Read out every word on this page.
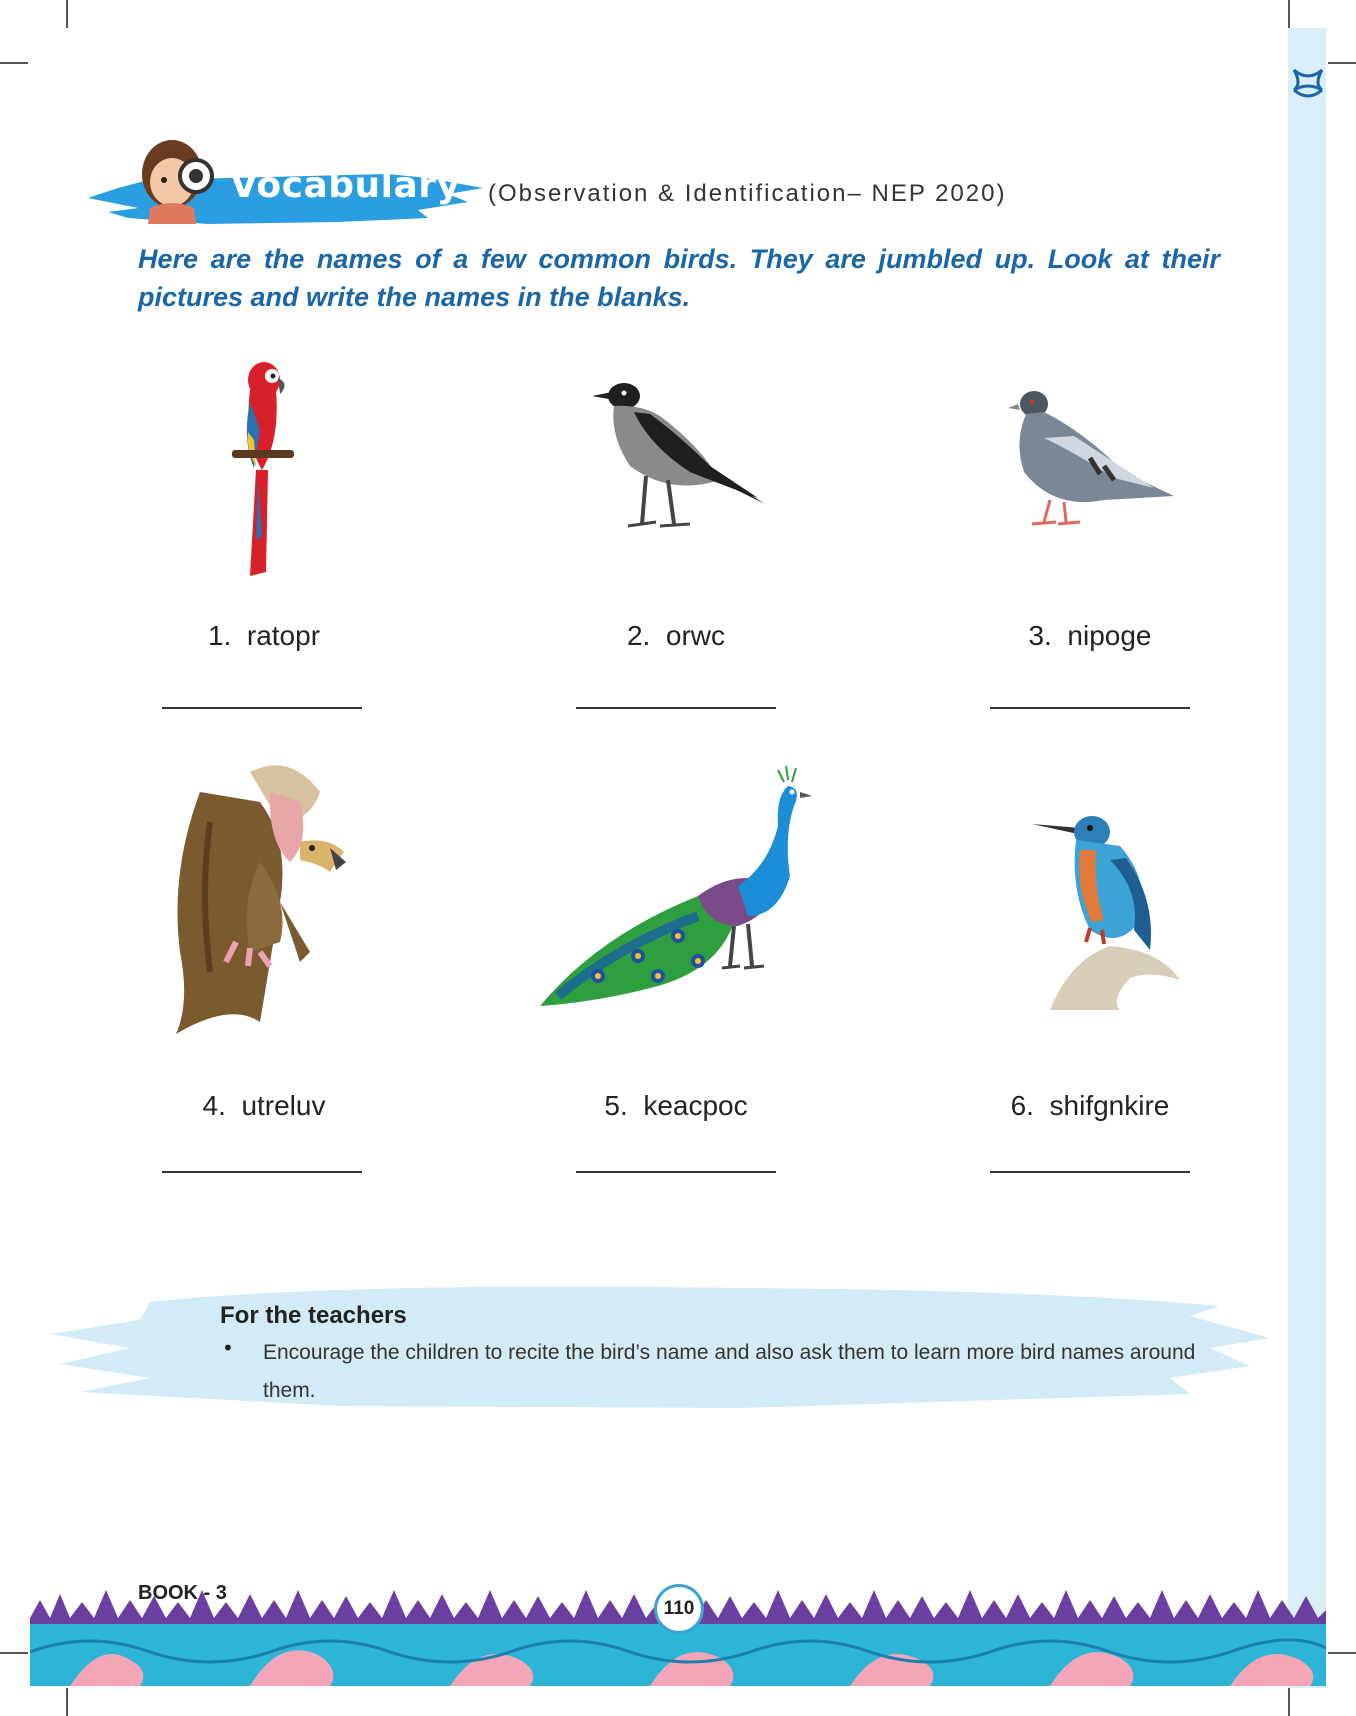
Vocabulary (Observation & Identification– NEP 2020)
Here are the names of a few common birds. They are jumbled up. Look at their pictures and write the names in the blanks.
1. ratopr	2. orwc	3. nipoge
4. utreluv	5. keacpoc	6. shifgnkire
For the teachers
• Encourage the children to recite the bird’s name and also ask them to learn more bird names around them.
BOOK - 3
110
